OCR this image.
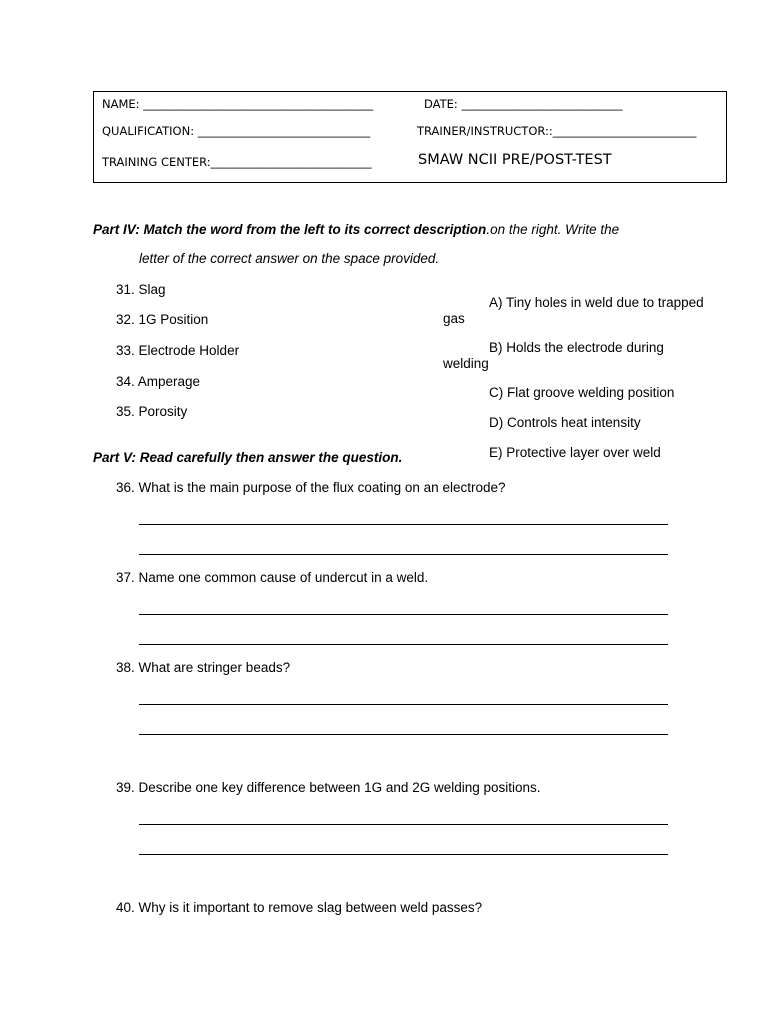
NAME: ________________________________________	DATE: ____________________________
QUALIFICATION: ______________________________	TRAINER/INSTRUCTOR::_________________________
TRAINING CENTER:____________________________	SMAW NCII PRE/POST-TEST
Part IV: Match the word from the left to its correct description.on the right. Write the
letter of the correct answer on the space provided.
31. Slag
32. 1G Position
33. Electrode Holder
34. Amperage
35. Porosity
A) Tiny holes in weld due to trapped
gas
B) Holds the electrode during
welding
C) Flat groove welding position
D) Controls heat intensity
E) Protective layer over weld
Part V: Read carefully then answer the question.
36. What is the main purpose of the flux coating on an electrode?
37. Name one common cause of undercut in a weld.
38. What are stringer beads?
39. Describe one key difference between 1G and 2G welding positions.
40. Why is it important to remove slag between weld passes?
